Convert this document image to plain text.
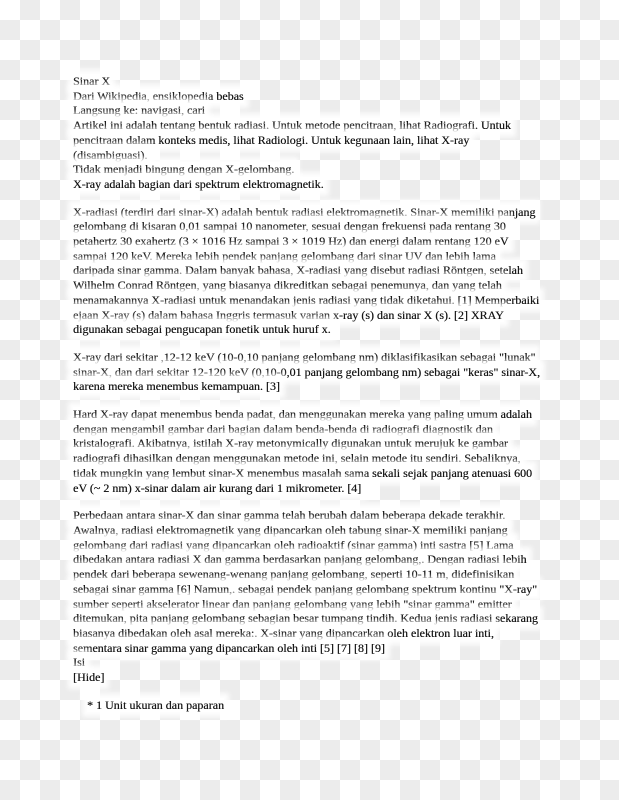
Sinar X
Dari Wikipedia, ensiklopedia bebas
Langsung ke: navigasi, cari
Artikel ini adalah tentang bentuk radiasi. Untuk metode pencitraan, lihat Radiografi. Untuk
pencitraan dalam konteks medis, lihat Radiologi. Untuk kegunaan lain, lihat X-ray
(disambiguasi).
Tidak menjadi bingung dengan X-gelombang.
X-ray adalah bagian dari spektrum elektromagnetik.
X-radiasi (terdiri dari sinar-X) adalah bentuk radiasi elektromagnetik. Sinar-X memiliki panjang
gelombang di kisaran 0,01 sampai 10 nanometer, sesuai dengan frekuensi pada rentang 30
petahertz 30 exahertz (3 × 1016 Hz sampai 3 × 1019 Hz) dan energi dalam rentang 120 eV
sampai 120 keV. Mereka lebih pendek panjang gelombang dari sinar UV dan lebih lama
daripada sinar gamma. Dalam banyak bahasa, X-radiasi yang disebut radiasi Röntgen, setelah
Wilhelm Conrad Röntgen, yang biasanya dikreditkan sebagai penemunya, dan yang telah
menamakannya X-radiasi untuk menandakan jenis radiasi yang tidak diketahui. [1] Memperbaiki
ejaan X-ray (s) dalam bahasa Inggris termasuk varian x-ray (s) dan sinar X (s). [2] XRAY
digunakan sebagai pengucapan fonetik untuk huruf x.
X-ray dari sekitar ,12-12 keV (10-0,10 panjang gelombang nm) diklasifikasikan sebagai "lunak"
sinar-X, dan dari sekitar 12-120 keV (0,10-0,01 panjang gelombang nm) sebagai "keras" sinar-X,
karena mereka menembus kemampuan. [3]
Hard X-ray dapat menembus benda padat, dan menggunakan mereka yang paling umum adalah
dengan mengambil gambar dari bagian dalam benda-benda di radiografi diagnostik dan
kristalografi. Akibatnya, istilah X-ray metonymically digunakan untuk merujuk ke gambar
radiografi dihasilkan dengan menggunakan metode ini, selain metode itu sendiri. Sebaliknya,
tidak mungkin yang lembut sinar-X menembus masalah sama sekali sejak panjang atenuasi 600
eV (~ 2 nm) x-sinar dalam air kurang dari 1 mikrometer. [4]
Perbedaan antara sinar-X dan sinar gamma telah berubah dalam beberapa dekade terakhir.
Awalnya, radiasi elektromagnetik yang dipancarkan oleh tabung sinar-X memiliki panjang
gelombang dari radiasi yang dipancarkan oleh radioaktif (sinar gamma) inti sastra [5] Lama
dibedakan antara radiasi X dan gamma berdasarkan panjang gelombang,. Dengan radiasi lebih
pendek dari beberapa sewenang-wenang panjang gelombang, seperti 10-11 m, didefinisikan
sebagai sinar gamma [6] Namun,. sebagai pendek panjang gelombang spektrum kontinu "X-ray"
sumber seperti akselerator linear dan panjang gelombang yang lebih "sinar gamma" emitter
ditemukan, pita panjang gelombang sebagian besar tumpang tindih. Kedua jenis radiasi sekarang
biasanya dibedakan oleh asal mereka:. X-sinar yang dipancarkan oleh elektron luar inti,
sementara sinar gamma yang dipancarkan oleh inti [5] [7] [8] [9]
Isi
[Hide]
* 1 Unit ukuran dan paparan
